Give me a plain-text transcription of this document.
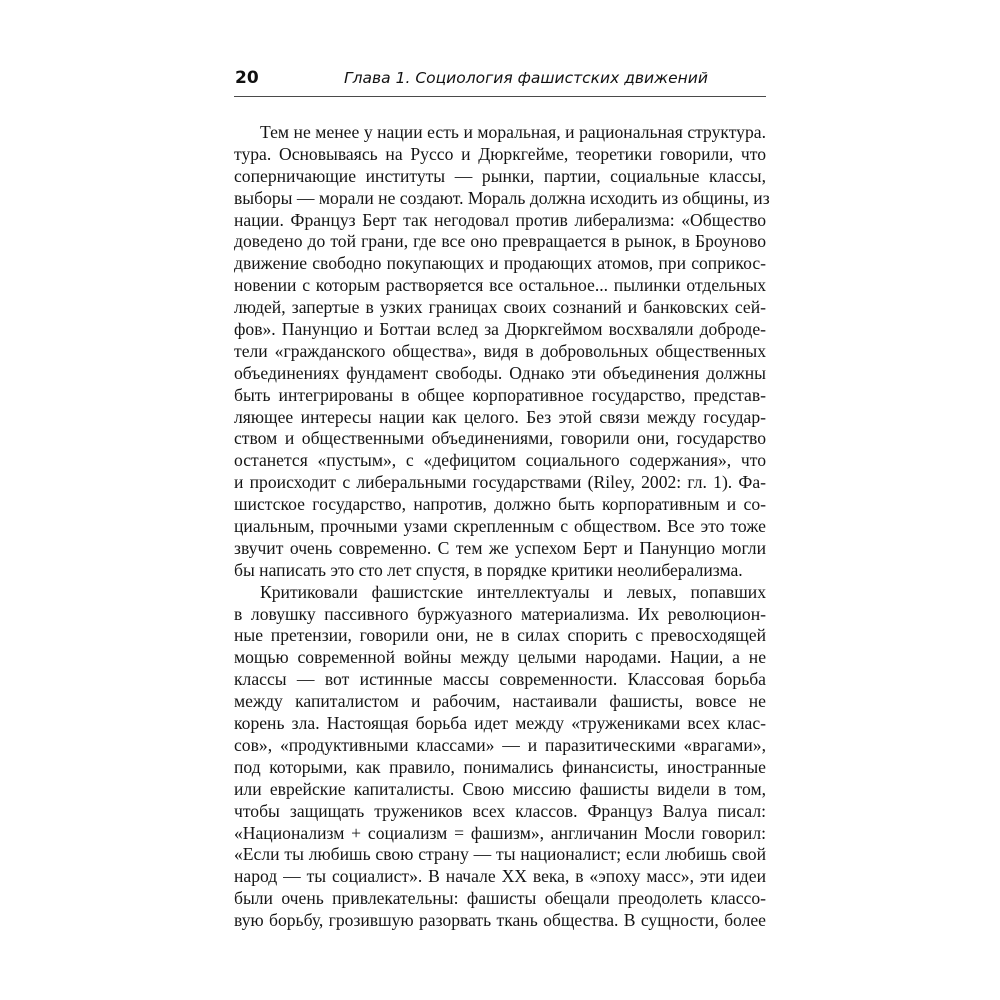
20	Глава 1. Социология фашистских движений
Тем не менее у нации есть и моральная, и рациональная структура.
тура. Основываясь на Руссо и Дюркгейме, теоретики говорили, что
соперничающие институты — рынки, партии, социальные классы,
выборы — морали не создают. Мораль должна исходить из общины, из
нации. Француз Берт так негодовал против либерализма: «Общество
доведено до той грани, где все оно превращается в рынок, в Броуново
движение свободно покупающих и продающих атомов, при соприкос-
новении с которым растворяется все остальное... пылинки отдельных
людей, запертые в узких границах своих сознаний и банковских сей-
фов». Панунцио и Боттаи вслед за Дюркгеймом восхваляли доброде-
тели «гражданского общества», видя в добровольных общественных
объединениях фундамент свободы. Однако эти объединения должны
быть интегрированы в общее корпоративное государство, представ-
ляющее интересы нации как целого. Без этой связи между государ-
ством и общественными объединениями, говорили они, государство
останется «пустым», с «дефицитом социального содержания», что
и происходит с либеральными государствами (Riley, 2002: гл. 1). Фа-
шистское государство, напротив, должно быть корпоративным и со-
циальным, прочными узами скрепленным с обществом. Все это тоже
звучит очень современно. С тем же успехом Берт и Панунцио могли
бы написать это сто лет спустя, в порядке критики неолиберализма.
Критиковали фашистские интеллектуалы и левых, попавших
в ловушку пассивного буржуазного материализма. Их революцион-
ные претензии, говорили они, не в силах спорить с превосходящей
мощью современной войны между целыми народами. Нации, а не
классы — вот истинные массы современности. Классовая борьба
между капиталистом и рабочим, настаивали фашисты, вовсе не
корень зла. Настоящая борьба идет между «тружениками всех клас-
сов», «продуктивными классами» — и паразитическими «врагами»,
под которыми, как правило, понимались финансисты, иностранные
или еврейские капиталисты. Свою миссию фашисты видели в том,
чтобы защищать тружеников всех классов. Француз Валуа писал:
«Национализм + социализм = фашизм», англичанин Мосли говорил:
«Если ты любишь свою страну — ты националист; если любишь свой
народ — ты социалист». В начале XX века, в «эпоху масс», эти идеи
были очень привлекательны: фашисты обещали преодолеть классо-
вую борьбу, грозившую разорвать ткань общества. В сущности, более
